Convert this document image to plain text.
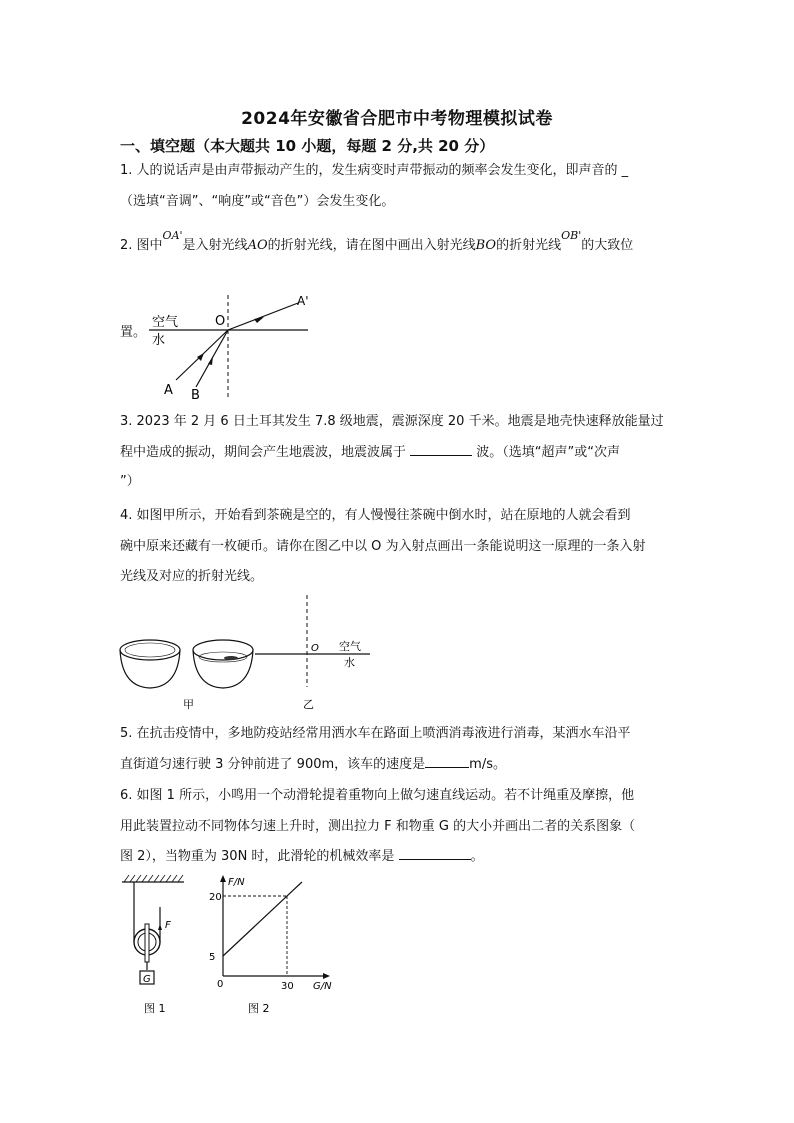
2024年安徽省合肥市中考物理模拟试卷
一、填空题（本大题共 10 小题，每题 2 分,共 20 分）
1. 人的说话声是由声带振动产生的，发生病变时声带振动的频率会发生变化，即声音的 _
（选填“音调”、“响度”或“音色”）会发生变化。
2. 图中$^{OA'}$是入射光线AO的折射光线，请在图中画出入射光线BO的折射光线$^{OB'}$的大致位
置。
空气
水
O
A'
A B
3. 2023 年 2 月 6 日土耳其发生 7.8 级地震，震源深度 20 千米。地震是地壳快速释放能量过
程中造成的振动，期间会产生地震波，地震波属于	波。（选填“超声”或“次声
”）
4. 如图甲所示，开始看到茶碗是空的，有人慢慢往茶碗中倒水时，站在原地的人就会看到
碗中原来还藏有一枚硬币。请你在图乙中以 O 为入射点画出一条能说明这一原理的一条入射
光线及对应的折射光线。
O 空气
水
甲	乙
5. 在抗击疫情中，多地防疫站经常用洒水车在路面上喷洒消毒液进行消毒，某洒水车沿平
直街道匀速行驶 3 分钟前进了 900m，该车的速度是	m/s。
6. 如图 1 所示，小鸣用一个动滑轮提着重物向上做匀速直线运动。若不计绳重及摩擦，他
用此装置拉动不同物体匀速上升时，测出拉力 F 和物重 G 的大小并画出二者的关系图象（
图 2），当物重为 30N 时，此滑轮的机械效率是	。
F
G
图 1
F/N
G/N
0
5
20
30
图 2
